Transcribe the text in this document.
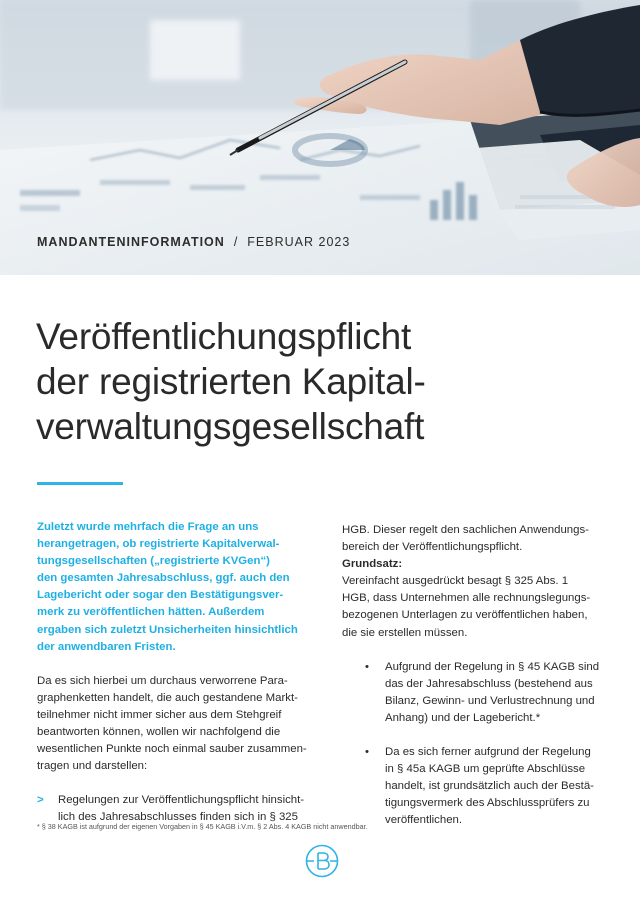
MANDANTENINFORMATION / FEBRUAR 2023
Veröffentlichungspflicht
der registrierten Kapital-
verwaltungsgesellschaft

Zuletzt wurde mehrfach die Frage an uns
herangetragen, ob registrierte Kapitalverwal-
tungsgesellschaften („registrierte KVGen“)
den gesamten Jahresabschluss, ggf. auch den
Lagebericht oder sogar den Bestätigungsver-
merk zu veröffentlichen hätten. Außerdem
ergaben sich zuletzt Unsicherheiten hinsichtlich
der anwendbaren Fristen.

Da es sich hierbei um durchaus verworrene Para-
graphenketten handelt, die auch gestandene Markt-
teilnehmer nicht immer sicher aus dem Stehgreif
beantworten können, wollen wir nachfolgend die
wesentlichen Punkte noch einmal sauber zusammen-
tragen und darstellen:

> Regelungen zur Veröffentlichungspflicht hinsicht-
lich des Jahresabschlusses finden sich in § 325

HGB. Dieser regelt den sachlichen Anwendungs-
bereich der Veröffentlichungspflicht.
Grundsatz:
Vereinfacht ausgedrückt besagt § 325 Abs. 1
HGB, dass Unternehmen alle rechnungslegungs-
bezogenen Unterlagen zu veröffentlichen haben,
die sie erstellen müssen.

• Aufgrund der Regelung in § 45 KAGB sind
das der Jahresabschluss (bestehend aus
Bilanz, Gewinn- und Verlustrechnung und
Anhang) und der Lagebericht.*
• Da es sich ferner aufgrund der Regelung
in § 45a KAGB um geprüfte Abschlüsse
handelt, ist grundsätzlich auch der Bestä-
tigungsvermerk des Abschlussprüfers zu
veröffentlichen.
* § 38 KAGB ist aufgrund der eigenen Vorgaben in § 45 KAGB i.V.m. § 2 Abs. 4 KAGB nicht anwendbar.
